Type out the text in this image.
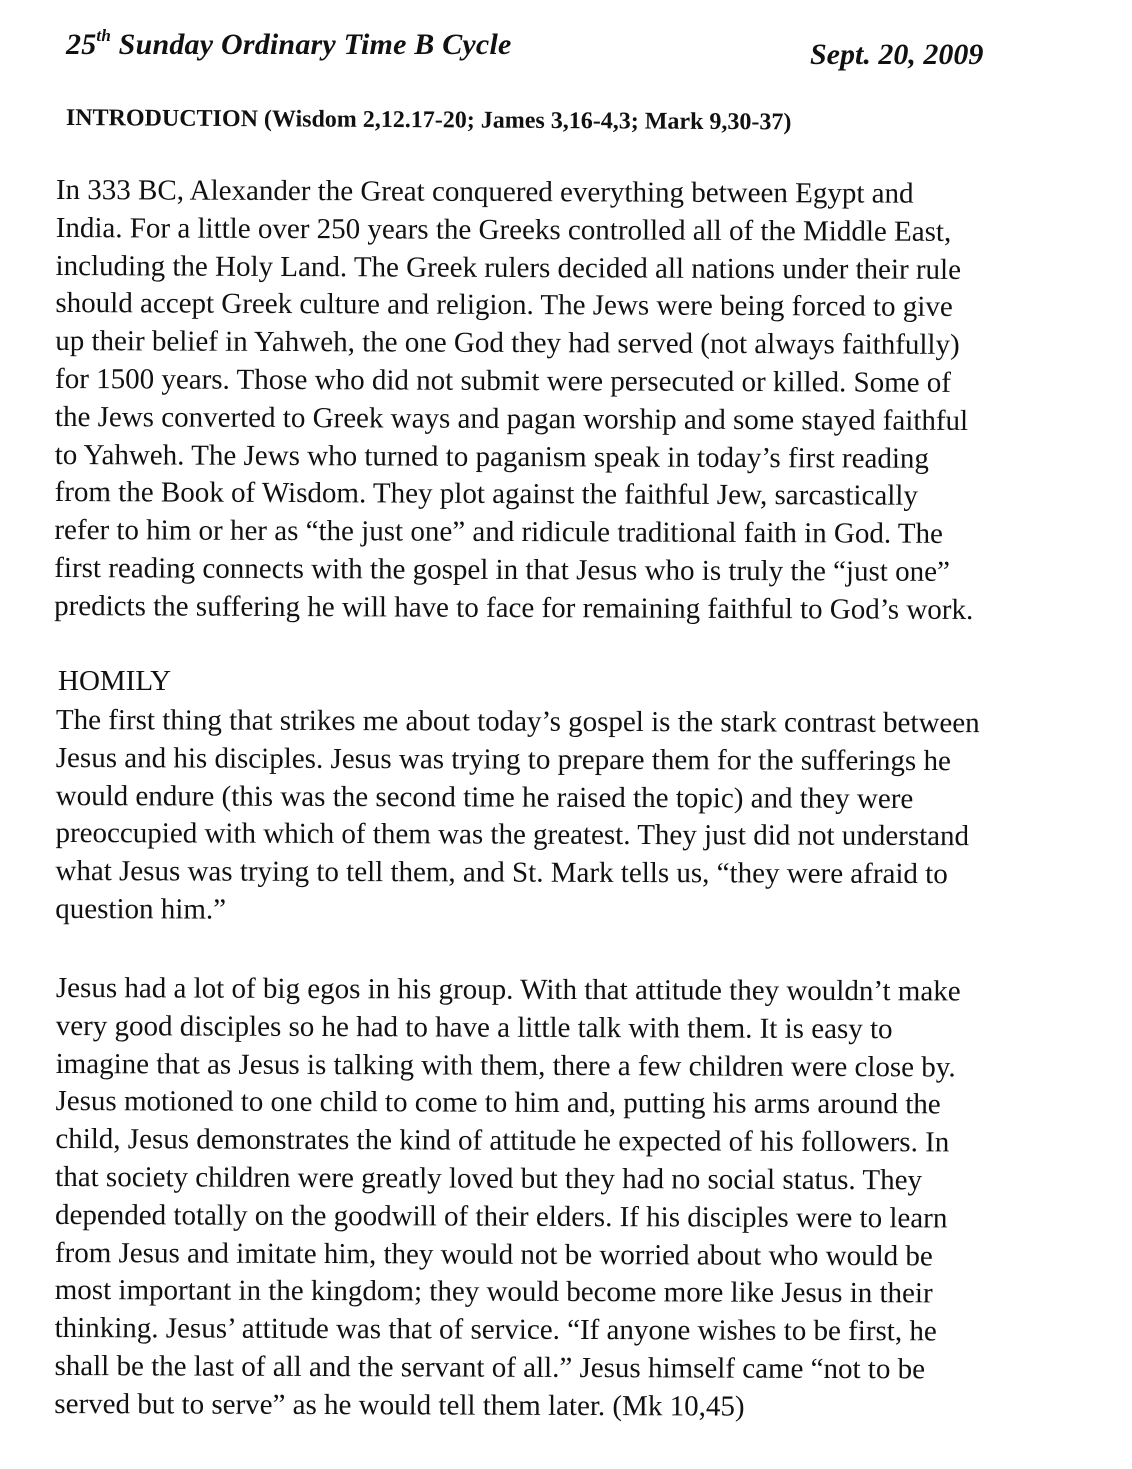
25th Sunday Ordinary Time B Cycle	Sept. 20, 2009
INTRODUCTION (Wisdom 2,12.17-20; James 3,16-4,3; Mark 9,30-37)

In 333 BC, Alexander the Great conquered everything between Egypt and
India. For a little over 250 years the Greeks controlled all of the Middle East,
including the Holy Land. The Greek rulers decided all nations under their rule
should accept Greek culture and religion. The Jews were being forced to give
up their belief in Yahweh, the one God they had served (not always faithfully)
for 1500 years. Those who did not submit were persecuted or killed. Some of
the Jews converted to Greek ways and pagan worship and some stayed faithful
to Yahweh. The Jews who turned to paganism speak in today’s first reading
from the Book of Wisdom. They plot against the faithful Jew, sarcastically
refer to him or her as “the just one” and ridicule traditional faith in God. The
first reading connects with the gospel in that Jesus who is truly the “just one”
predicts the suffering he will have to face for remaining faithful to God’s work.

HOMILY

The first thing that strikes me about today’s gospel is the stark contrast between
Jesus and his disciples. Jesus was trying to prepare them for the sufferings he
would endure (this was the second time he raised the topic) and they were
preoccupied with which of them was the greatest. They just did not understand
what Jesus was trying to tell them, and St. Mark tells us, “they were afraid to
question him.”

Jesus had a lot of big egos in his group. With that attitude they wouldn’t make
very good disciples so he had to have a little talk with them. It is easy to
imagine that as Jesus is talking with them, there a few children were close by.
Jesus motioned to one child to come to him and, putting his arms around the
child, Jesus demonstrates the kind of attitude he expected of his followers. In
that society children were greatly loved but they had no social status. They
depended totally on the goodwill of their elders. If his disciples were to learn
from Jesus and imitate him, they would not be worried about who would be
most important in the kingdom; they would become more like Jesus in their
thinking. Jesus’ attitude was that of service. “If anyone wishes to be first, he
shall be the last of all and the servant of all.” Jesus himself came “not to be
served but to serve” as he would tell them later. (Mk 10,45)
